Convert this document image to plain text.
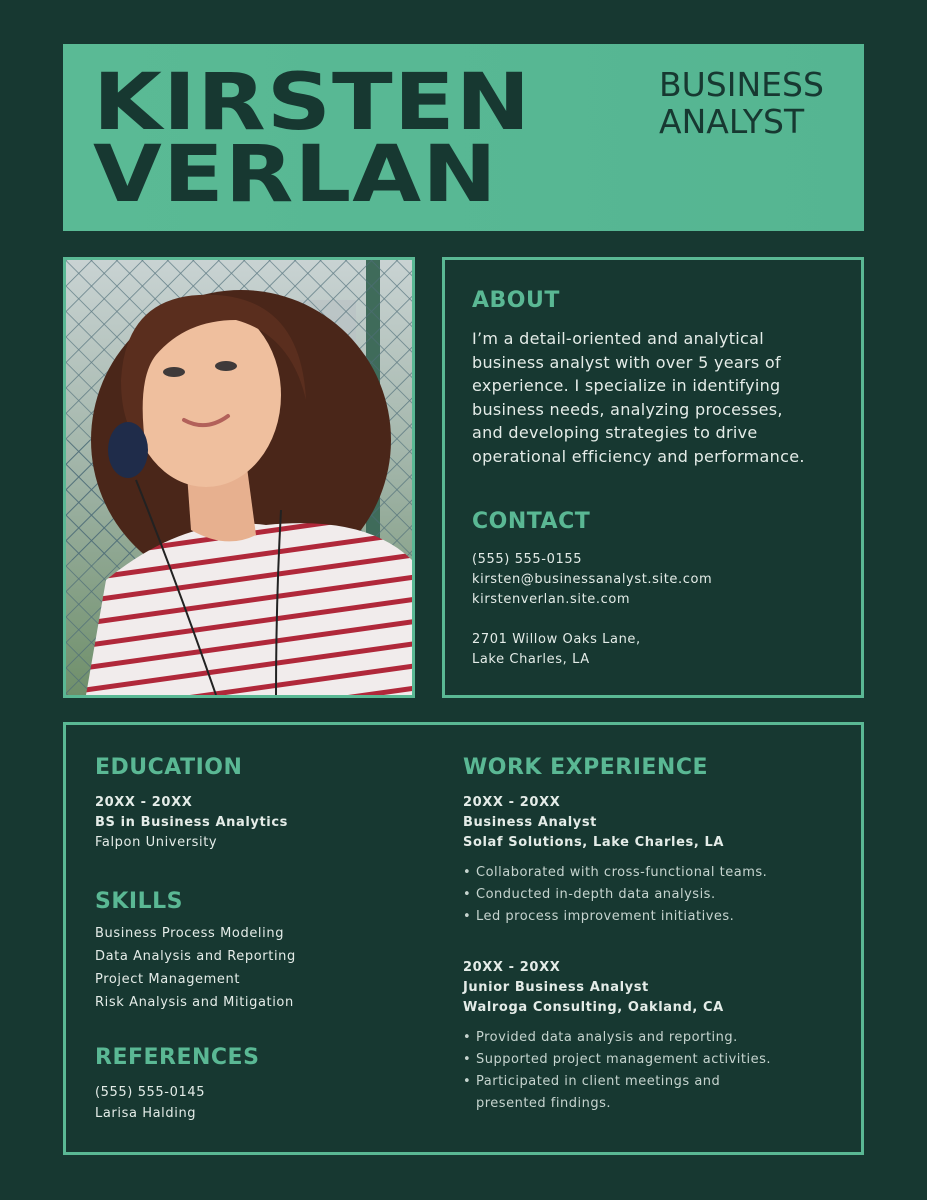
KIRSTEN
VERLAN
BUSINESS
ANALYST
ABOUT
I’m a detail-oriented and analytical
business analyst with over 5 years of
experience. I specialize in identifying
business needs, analyzing processes,
and developing strategies to drive
operational efficiency and performance.
CONTACT
(555) 555-0155
kirsten@businessanalyst.site.com
kirstenverlan.site.com
2701 Willow Oaks Lane,
Lake Charles, LA
EDUCATION
20XX - 20XX
BS in Business Analytics
Falpon University
SKILLS
Business Process Modeling
Data Analysis and Reporting
Project Management
Risk Analysis and Mitigation
REFERENCES
(555) 555-0145
Larisa Halding
WORK EXPERIENCE
20XX - 20XX
Business Analyst
Solaf Solutions, Lake Charles, LA
• Collaborated with cross-functional teams.
• Conducted in-depth data analysis.
• Led process improvement initiatives.
20XX - 20XX
Junior Business Analyst
Walroga Consulting, Oakland, CA
• Provided data analysis and reporting.
• Supported project management activities.
• Participated in client meetings and
presented findings.
